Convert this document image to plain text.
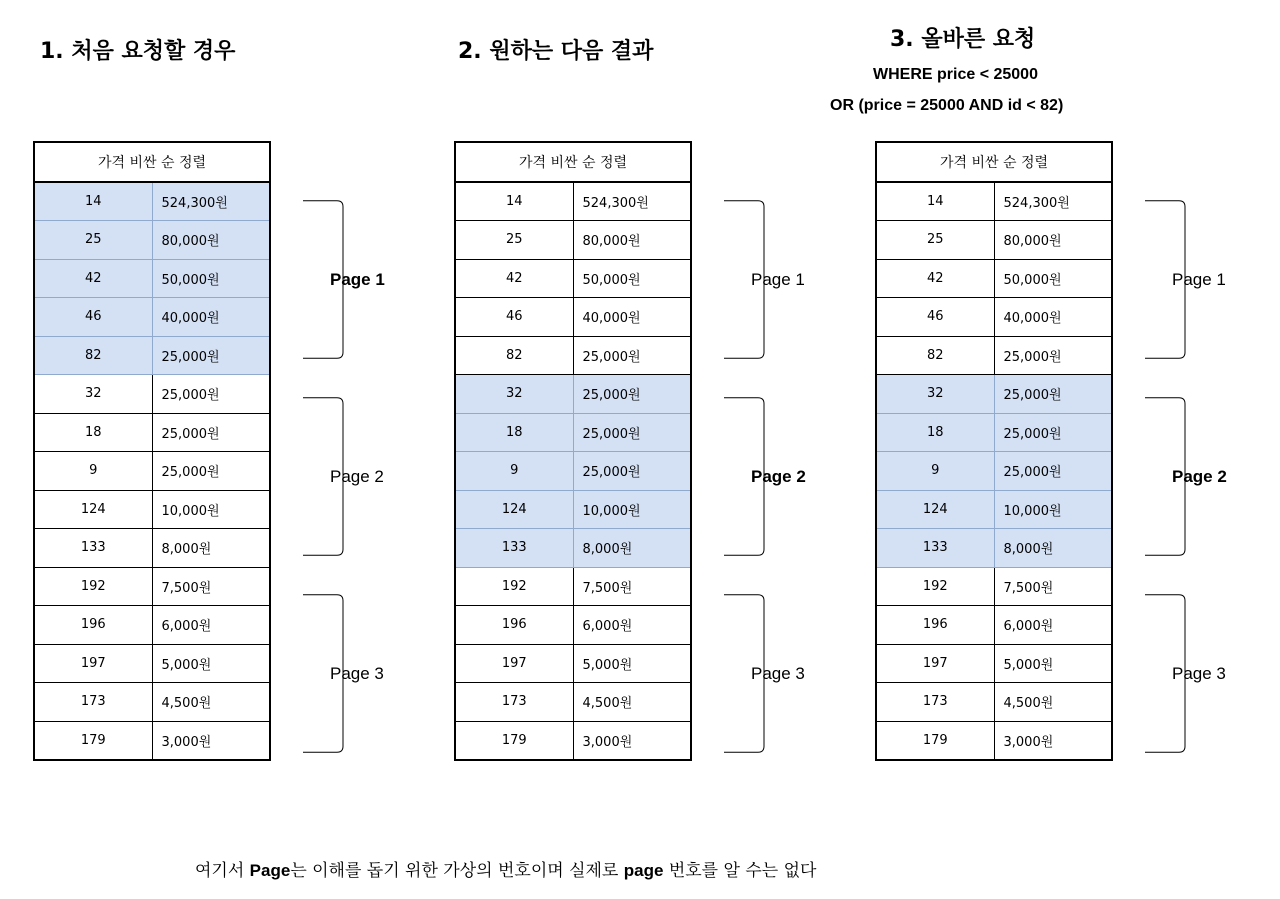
1. 처음 요청할 경우
가격 비싼 순 정렬	
14	524,300원
25	80,000원
42	50,000원
46	40,000원
82	25,000원
32	25,000원
18	25,000원
9	25,000원
124	10,000원
133	8,000원
192	7,500원
196	6,000원
197	5,000원
173	4,500원
179	3,000원
Page 1
Page 2
Page 3
2. 원하는 다음 결과
가격 비싼 순 정렬	
14	524,300원
25	80,000원
42	50,000원
46	40,000원
82	25,000원
32	25,000원
18	25,000원
9	25,000원
124	10,000원
133	8,000원
192	7,500원
196	6,000원
197	5,000원
173	4,500원
179	3,000원
Page 1
Page 2
Page 3
3. 올바른 요청
WHERE price < 25000
OR (price = 25000 AND id < 82)
가격 비싼 순 정렬	
14	524,300원
25	80,000원
42	50,000원
46	40,000원
82	25,000원
32	25,000원
18	25,000원
9	25,000원
124	10,000원
133	8,000원
192	7,500원
196	6,000원
197	5,000원
173	4,500원
179	3,000원
Page 1
Page 2
Page 3
여기서 Page는 이해를 돕기 위한 가상의 번호이며 실제로 page 번호를 알 수는 없다
